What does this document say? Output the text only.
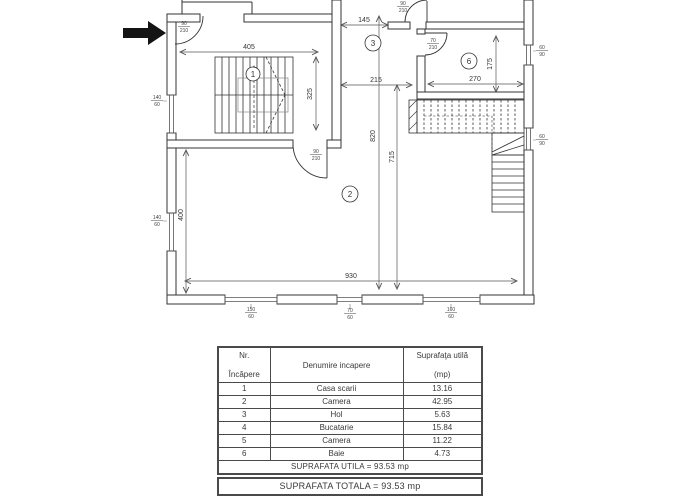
405
325
145
215	270
175
820
715
930
400
1
2
3
6
90
210
90
210
90
210
70
210
140
60
140
60
150
60
70
60
160
60
60
90
60
90
Nr.
Încăpere	Denumire incapere	Suprafaţa utilă
(mp)

1	Casa scarii	13.16
2	Camera	42.95
3	Hol	5.63
4	Bucatarie	15.84
5	Camera	11.22
6	Baie	4.73
SUPRAFATA UTILA = 93.53 mp		
SUPRAFATA TOTALA = 93.53 mp
